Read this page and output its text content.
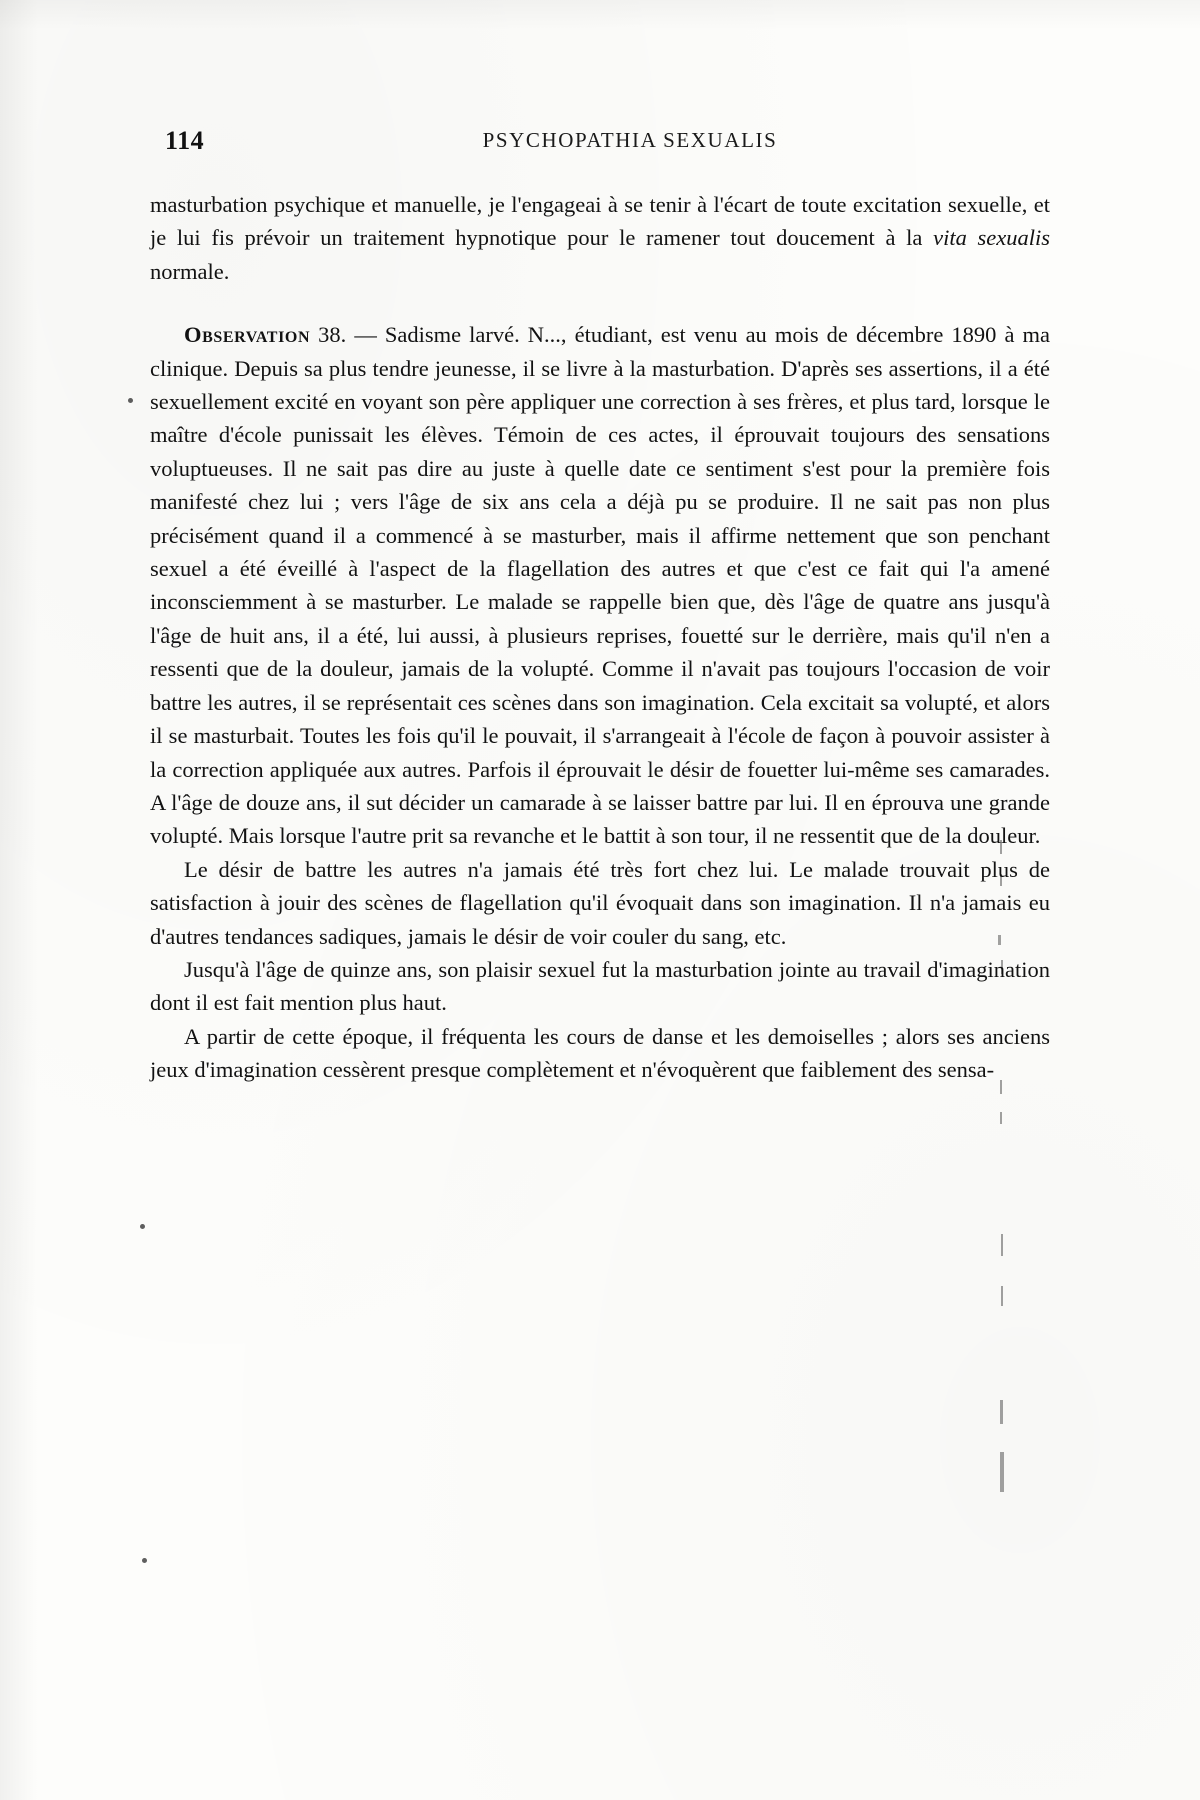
114	PSYCHOPATHIA SEXUALIS

masturbation psychique et manuelle, je l'engageai à se tenir à l'écart de toute excitation sexuelle, et je lui fis prévoir un traitement hypnotique pour le ramener tout doucement à la vita sexualis normale.

Observation 38. — Sadisme larvé. N..., étudiant, est venu au mois de décembre 1890 à ma clinique. Depuis sa plus tendre jeunesse, il se livre à la masturbation. D'après ses assertions, il a été sexuellement excité en voyant son père appliquer une correction à ses frères, et plus tard, lorsque le maître d'école punissait les élèves. Témoin de ces actes, il éprouvait toujours des sensations voluptueuses. Il ne sait pas dire au juste à quelle date ce sentiment s'est pour la première fois manifesté chez lui ; vers l'âge de six ans cela a déjà pu se produire. Il ne sait pas non plus précisément quand il a commencé à se masturber, mais il affirme nettement que son penchant sexuel a été éveillé à l'aspect de la flagellation des autres et que c'est ce fait qui l'a amené inconsciemment à se masturber. Le malade se rappelle bien que, dès l'âge de quatre ans jusqu'à l'âge de huit ans, il a été, lui aussi, à plusieurs reprises, fouetté sur le derrière, mais qu'il n'en a ressenti que de la douleur, jamais de la volupté. Comme il n'avait pas toujours l'occasion de voir battre les autres, il se représentait ces scènes dans son imagination. Cela excitait sa volupté, et alors il se masturbait. Toutes les fois qu'il le pouvait, il s'arrangeait à l'école de façon à pouvoir assister à la correction appliquée aux autres. Parfois il éprouvait le désir de fouetter lui-même ses camarades. A l'âge de douze ans, il sut décider un camarade à se laisser battre par lui. Il en éprouva une grande volupté. Mais lorsque l'autre prit sa revanche et le battit à son tour, il ne ressentit que de la douleur.

Le désir de battre les autres n'a jamais été très fort chez lui. Le malade trouvait plus de satisfaction à jouir des scènes de flagellation qu'il évoquait dans son imagination. Il n'a jamais eu d'autres tendances sadiques, jamais le désir de voir couler du sang, etc.

Jusqu'à l'âge de quinze ans, son plaisir sexuel fut la masturbation jointe au travail d'imagination dont il est fait mention plus haut.

A partir de cette époque, il fréquenta les cours de danse et les demoiselles ; alors ses anciens jeux d'imagination cessèrent presque complètement et n'évoquèrent que faiblement des sensa-
